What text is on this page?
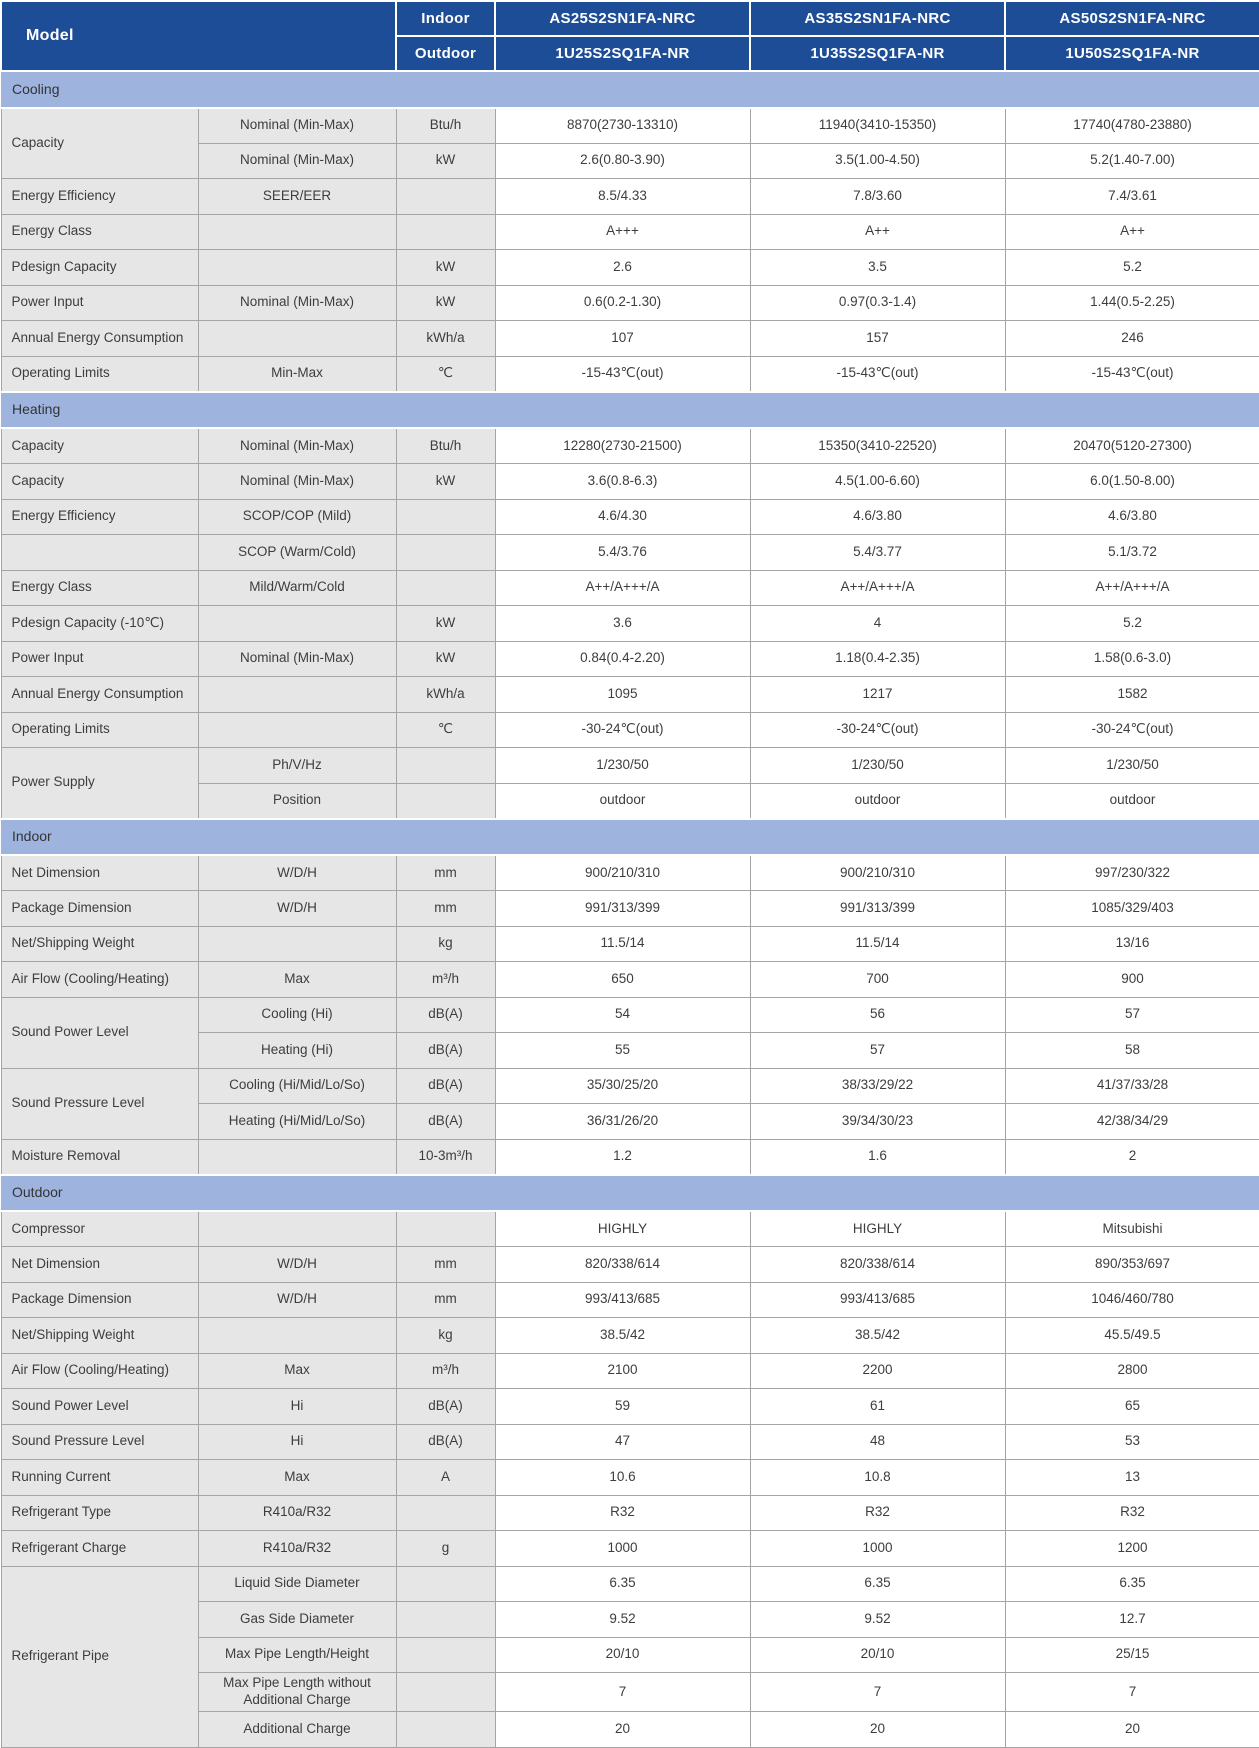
Model		Indoor	AS25S2SN1FA-NRC	AS35S2SN1FA-NRC	AS50S2SN1FA-NRC
		Outdoor	1U25S2SQ1FA-NR	1U35S2SQ1FA-NR	1U50S2SQ1FA-NR
Cooling					
Capacity	Nominal (Min-Max)	Btu/h	8870(2730-13310)	11940(3410-15350)	17740(4780-23880)
	Nominal (Min-Max)	kW	2.6(0.80-3.90)	3.5(1.00-4.50)	5.2(1.40-7.00)
Energy Efficiency	SEER/EER		8.5/4.33	7.8/3.60	7.4/3.61
Energy Class			A+++	A++	A++
Pdesign Capacity		kW	2.6	3.5	5.2
Power Input	Nominal (Min-Max)	kW	0.6(0.2-1.30)	0.97(0.3-1.4)	1.44(0.5-2.25)
Annual Energy Consumption		kWh/a	107	157	246
Operating Limits	Min-Max	℃	-15-43℃(out)	-15-43℃(out)	-15-43℃(out)
Heating					
Capacity	Nominal (Min-Max)	Btu/h	12280(2730-21500)	15350(3410-22520)	20470(5120-27300)
Capacity	Nominal (Min-Max)	kW	3.6(0.8-6.3)	4.5(1.00-6.60)	6.0(1.50-8.00)
Energy Efficiency	SCOP/COP (Mild)		4.6/4.30	4.6/3.80	4.6/3.80
	SCOP (Warm/Cold)		5.4/3.76	5.4/3.77	5.1/3.72
Energy Class	Mild/Warm/Cold		A++/A+++/A	A++/A+++/A	A++/A+++/A
Pdesign Capacity (-10℃)		kW	3.6	4	5.2
Power Input	Nominal (Min-Max)	kW	0.84(0.4-2.20)	1.18(0.4-2.35)	1.58(0.6-3.0)
Annual Energy Consumption		kWh/a	1095	1217	1582
Operating Limits		℃	-30-24℃(out)	-30-24℃(out)	-30-24℃(out)
Power Supply	Ph/V/Hz		1/230/50	1/230/50	1/230/50
	Position		outdoor	outdoor	outdoor
Indoor					
Net Dimension	W/D/H	mm	900/210/310	900/210/310	997/230/322
Package Dimension	W/D/H	mm	991/313/399	991/313/399	1085/329/403
Net/Shipping Weight		kg	11.5/14	11.5/14	13/16
Air Flow (Cooling/Heating)	Max	m³/h	650	700	900
Sound Power Level	Cooling (Hi)	dB(A)	54	56	57
	Heating (Hi)	dB(A)	55	57	58
Sound Pressure Level	Cooling (Hi/Mid/Lo/So)	dB(A)	35/30/25/20	38/33/29/22	41/37/33/28
	Heating (Hi/Mid/Lo/So)	dB(A)	36/31/26/20	39/34/30/23	42/38/34/29
Moisture Removal		10-3m³/h	1.2	1.6	2
Outdoor					
Compressor			HIGHLY	HIGHLY	Mitsubishi
Net Dimension	W/D/H	mm	820/338/614	820/338/614	890/353/697
Package Dimension	W/D/H	mm	993/413/685	993/413/685	1046/460/780
Net/Shipping Weight		kg	38.5/42	38.5/42	45.5/49.5
Air Flow (Cooling/Heating)	Max	m³/h	2100	2200	2800
Sound Power Level	Hi	dB(A)	59	61	65
Sound Pressure Level	Hi	dB(A)	47	48	53
Running Current	Max	A	10.6	10.8	13
Refrigerant Type	R410a/R32		R32	R32	R32
Refrigerant Charge	R410a/R32	g	1000	1000	1200
Refrigerant Pipe	Liquid Side Diameter		6.35	6.35	6.35
	Gas Side Diameter		9.52	9.52	12.7
	Max Pipe Length/Height		20/10	20/10	25/15
	Max Pipe Length without Additional Charge		7	7	7
	Additional Charge		20	20	20
